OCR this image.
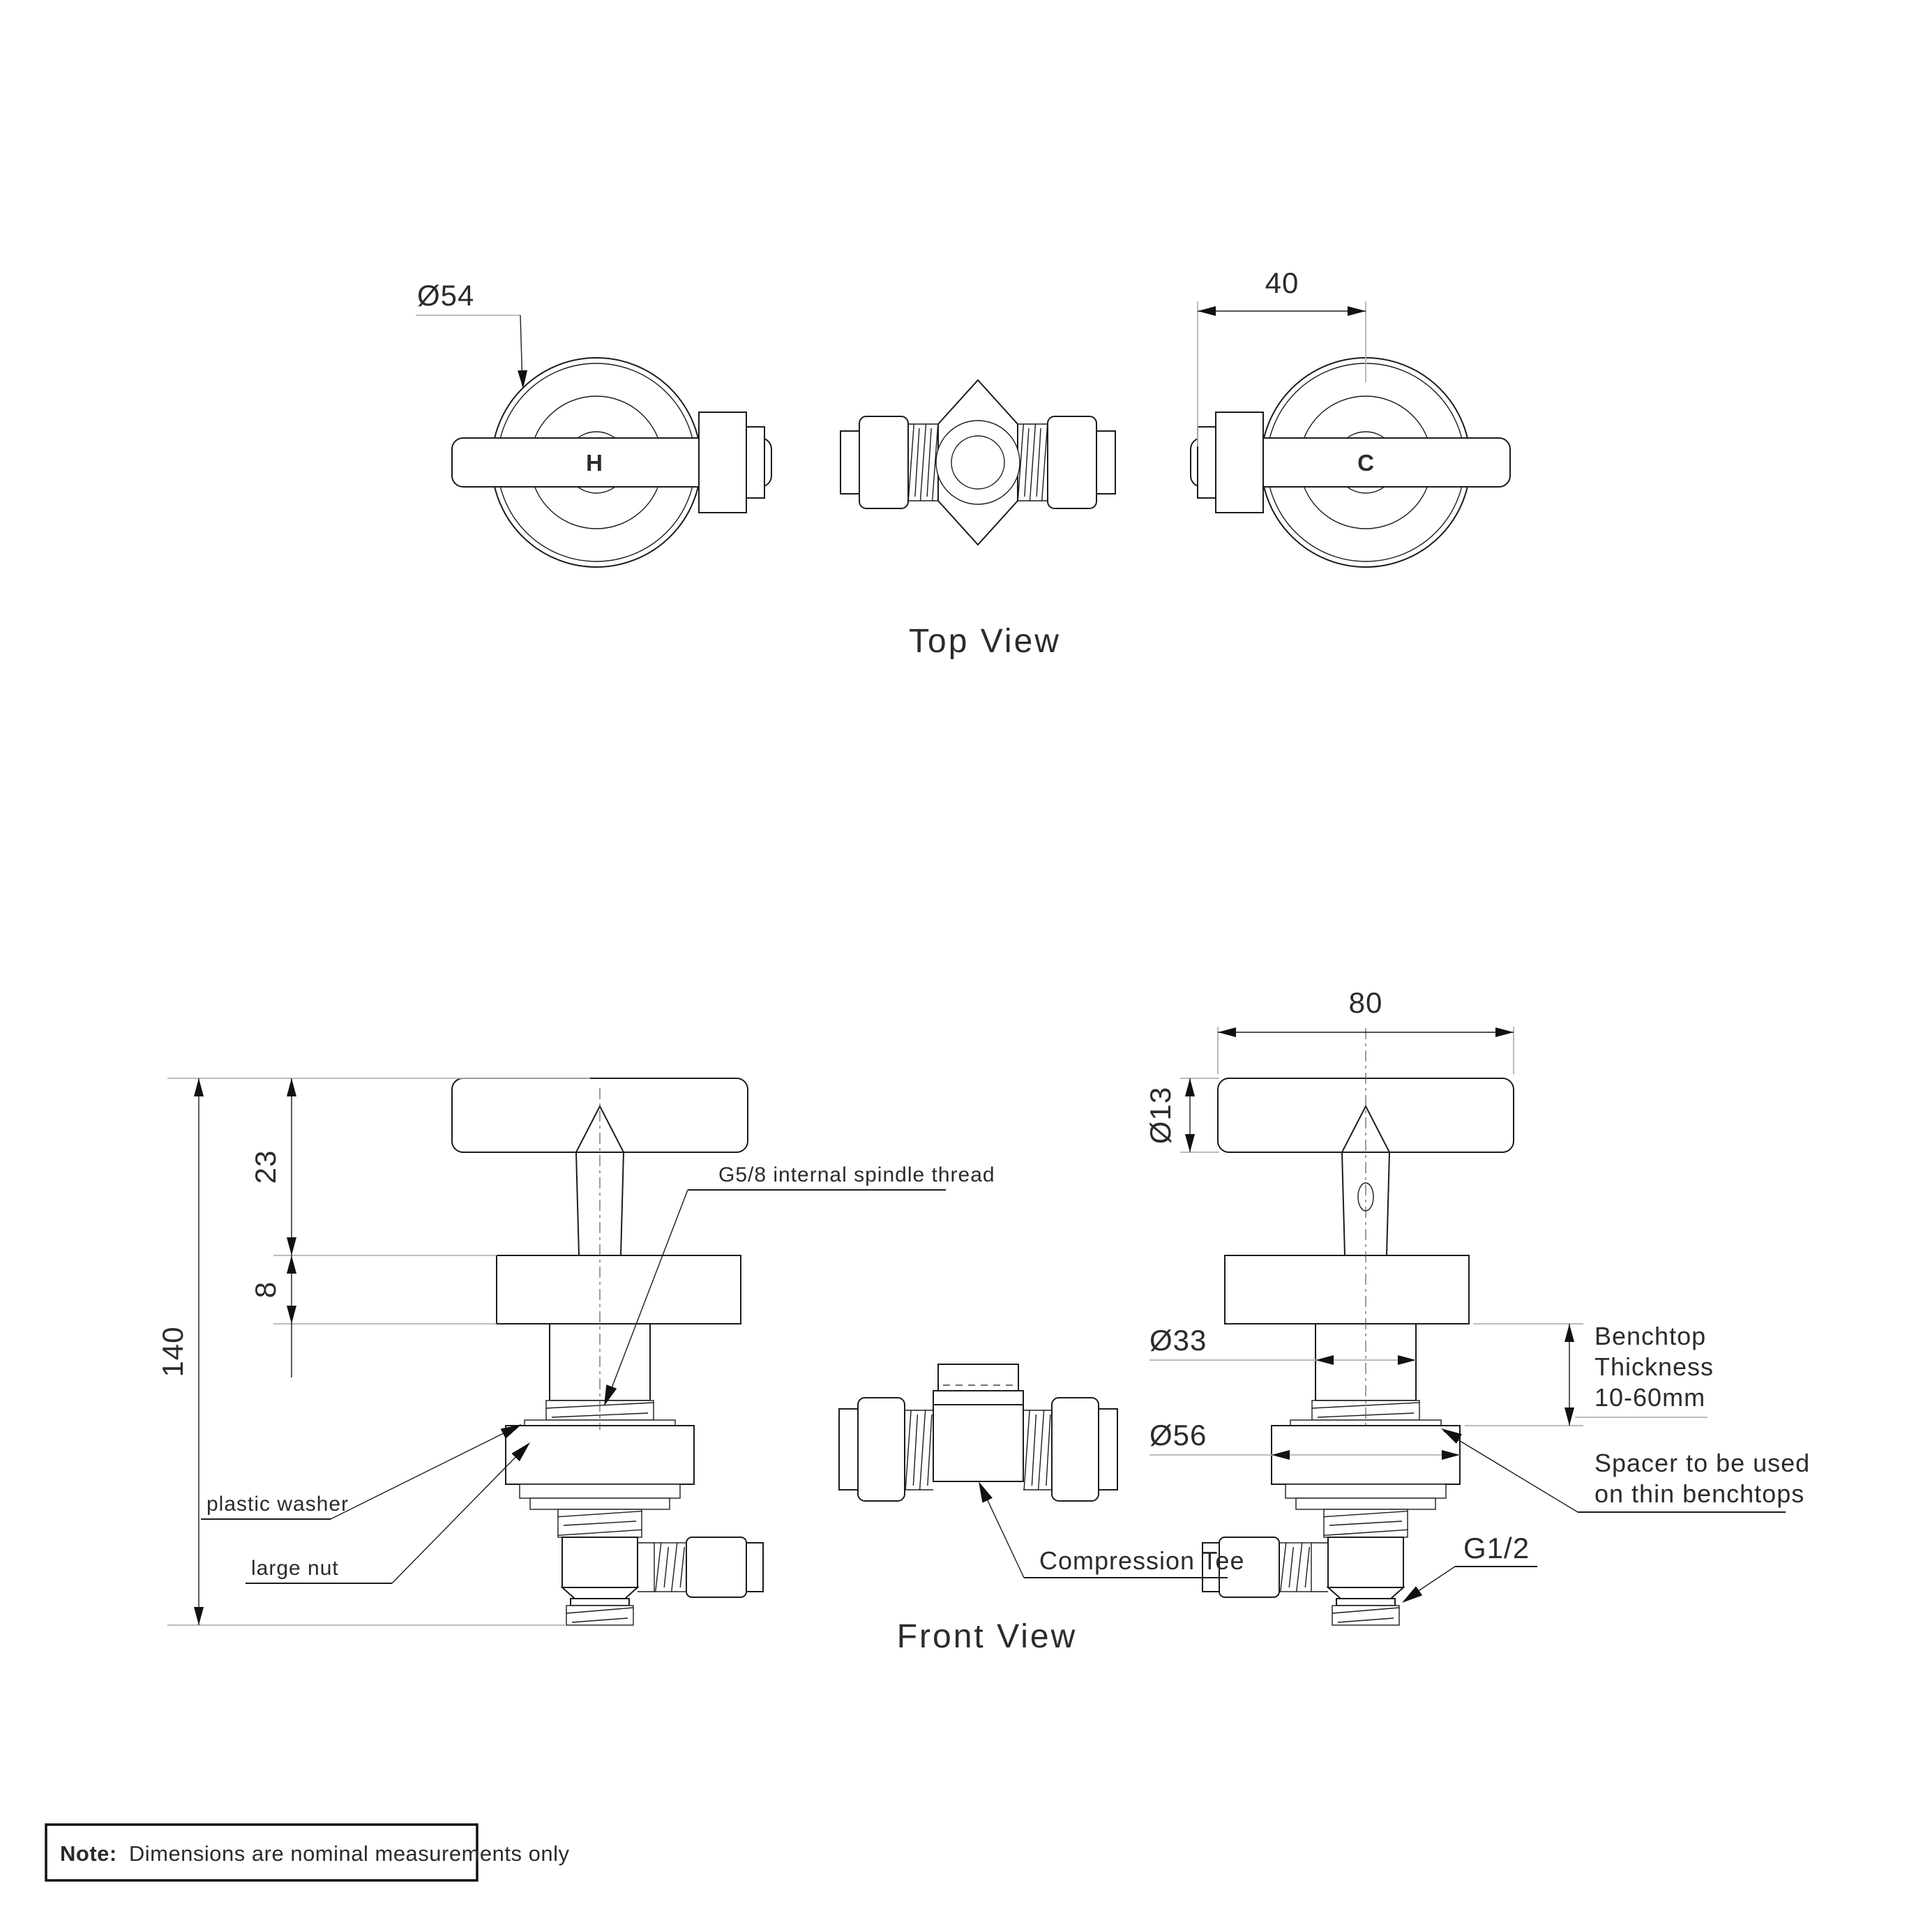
H	C
Ø54	40
Top View
23
8
140
G5/8 internal spindle thread
plastic washer
large nut	Compression Tee
80
Ø13
Ø33
Ø56
Benchtop
Thickness
10-60mm
Spacer to be used
on thin benchtops
G1/2
Front View
Note: Dimensions are nominal measurements only
